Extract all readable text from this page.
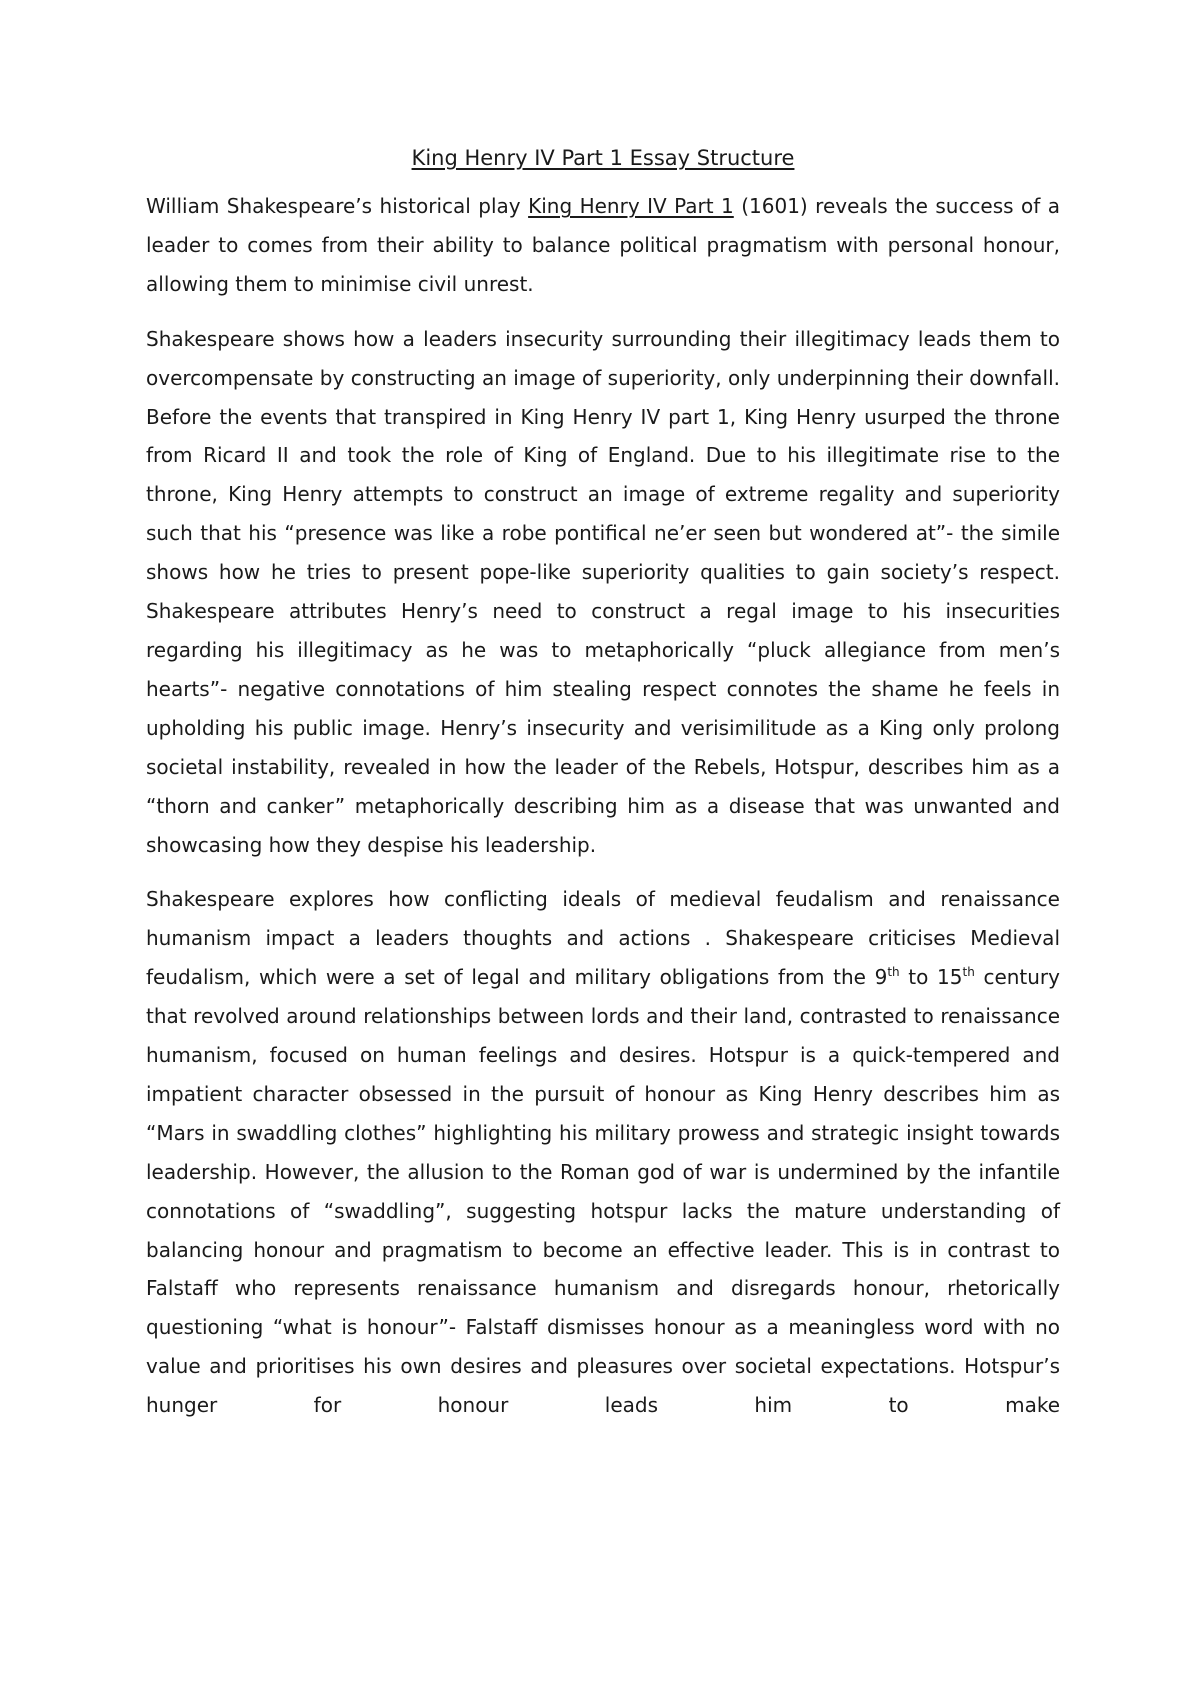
King Henry IV Part 1 Essay Structure

William Shakespeare’s historical play King Henry IV Part 1 (1601) reveals the success of a leader to comes from their ability to balance political pragmatism with personal honour, allowing them to minimise civil unrest.

Shakespeare shows how a leaders insecurity surrounding their illegitimacy leads them to overcompensate by constructing an image of superiority, only underpinning their downfall. Before the events that transpired in King Henry IV part 1, King Henry usurped the throne from Ricard II and took the role of King of England. Due to his illegitimate rise to the throne, King Henry attempts to construct an image of extreme regality and superiority such that his “presence was like a robe pontifical ne’er seen but wondered at”- the simile shows how he tries to present pope-like superiority qualities to gain society’s respect. Shakespeare attributes Henry’s need to construct a regal image to his insecurities regarding his illegitimacy as he was to metaphorically “pluck allegiance from men’s hearts”- negative connotations of him stealing respect connotes the shame he feels in upholding his public image. Henry’s insecurity and verisimilitude as a King only prolong societal instability, revealed in how the leader of the Rebels, Hotspur, describes him as a “thorn and canker” metaphorically describing him as a disease that was unwanted and showcasing how they despise his leadership.

Shakespeare explores how conflicting ideals of medieval feudalism and renaissance humanism impact a leaders thoughts and actions . Shakespeare criticises Medieval feudalism, which were a set of legal and military obligations from the 9th to 15th century that revolved around relationships between lords and their land, contrasted to renaissance humanism, focused on human feelings and desires. Hotspur is a quick-tempered and impatient character obsessed in the pursuit of honour as King Henry describes him as “Mars in swaddling clothes” highlighting his military prowess and strategic insight towards leadership. However, the allusion to the Roman god of war is undermined by the infantile connotations of “swaddling”, suggesting hotspur lacks the mature understanding of balancing honour and pragmatism to become an effective leader. This is in contrast to Falstaff who represents renaissance humanism and disregards honour, rhetorically questioning “what is honour”- Falstaff dismisses honour as a meaningless word with no value and prioritises his own desires and pleasures over societal expectations. Hotspur’s hunger for honour leads him to make
